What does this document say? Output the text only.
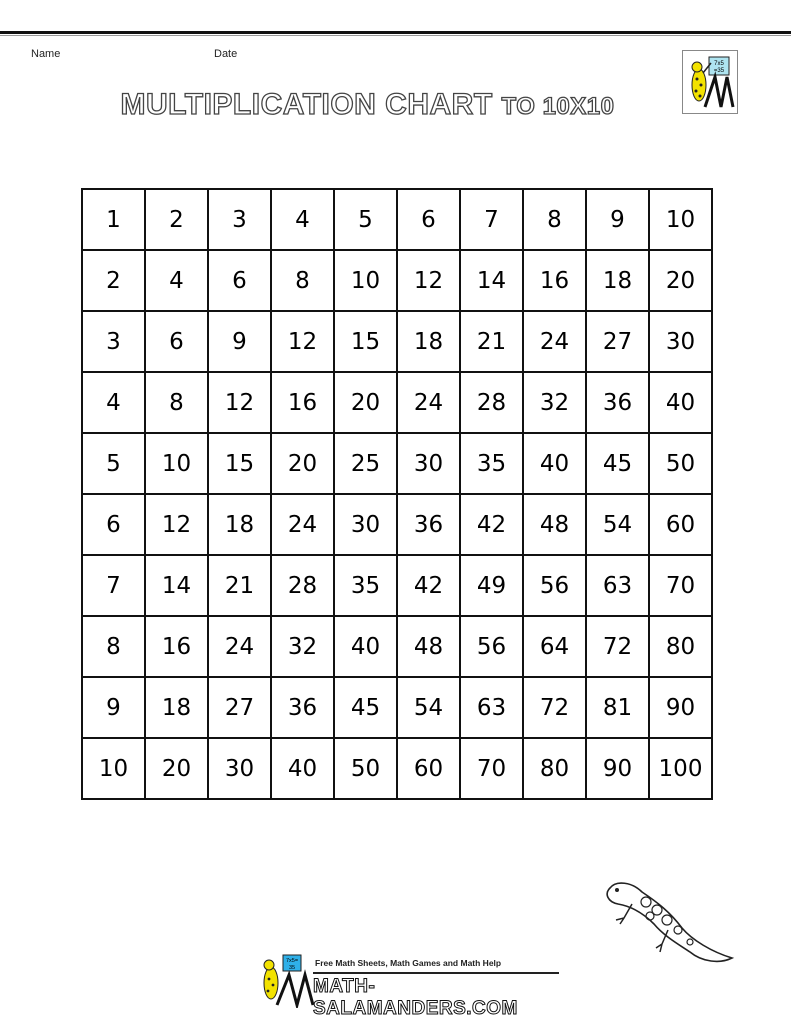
Name	Date
MULTIPLICATION CHART TO 10X10
7x5
=35
1	2	3	4	5	6	7	8	9	10
2	4	6	8	10	12	14	16	18	20
3	6	9	12	15	18	21	24	27	30
4	8	12	16	20	24	28	32	36	40
5	10	15	20	25	30	35	40	45	50
6	12	18	24	30	36	42	48	54	60
7	14	21	28	35	42	49	56	63	70
8	16	24	32	40	48	56	64	72	80
9	18	27	36	45	54	63	72	81	90
10	20	30	40	50	60	70	80	90	100
7x5=
35 Free Math Sheets, Math Games and Math Help
MATH-SALAMANDERS.COM
